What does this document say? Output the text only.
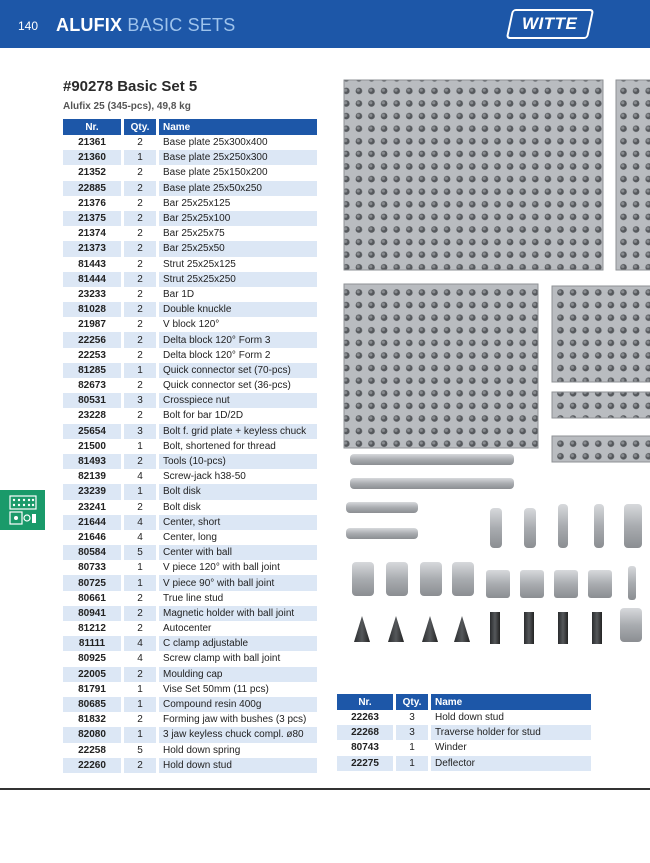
140 ALUFIX BASIC SETS	WITTE
#90278 Basic Set 5
Alufix 25 (345-pcs), 49,8 kg
Nr.	Qty.	Name
21361	2	Base plate 25x300x400
21360	1	Base plate 25x250x300
21352	2	Base plate 25x150x200
22885	2	Base plate 25x50x250
21376	2	Bar 25x25x125
21375	2	Bar 25x25x100
21374	2	Bar 25x25x75
21373	2	Bar 25x25x50
81443	2	Strut 25x25x125
81444	2	Strut 25x25x250
23233	2	Bar 1D
81028	2	Double knuckle
21987	2	V block 120°
22256	2	Delta block 120° Form 3
22253	2	Delta block 120° Form 2
81285	1	Quick connector set (70-pcs)
82673	2	Quick connector set (36-pcs)
80531	3	Crosspiece nut
23228	2	Bolt for bar 1D/2D
25654	3	Bolt f. grid plate + keyless chuck
21500	1	Bolt, shortened for thread
81493	2	Tools (10-pcs)
82139	4	Screw-jack h38-50
23239	1	Bolt disk
23241	2	Bolt disk
21644	4	Center, short
21646	4	Center, long
80584	5	Center with ball
80733	1	V piece 120° with ball joint
80725	1	V piece 90° with ball joint
80661	2	True line stud
80941	2	Magnetic holder with ball joint
81212	2	Autocenter
81111	4	C clamp adjustable
80925	4	Screw clamp with ball joint
22005	2	Moulding cap
81791	1	Vise Set 50mm (11 pcs)
80685	1	Compound resin 400g
81832	2	Forming jaw with bushes (3 pcs)
82080	1	3 jaw keyless chuck compl. ø80
22258	5	Hold down spring
22260	2	Hold down stud
Nr.	Qty.	Name
22263	3	Hold down stud
22268	3	Traverse holder for stud
80743	1	Winder
22275	1	Deflector
